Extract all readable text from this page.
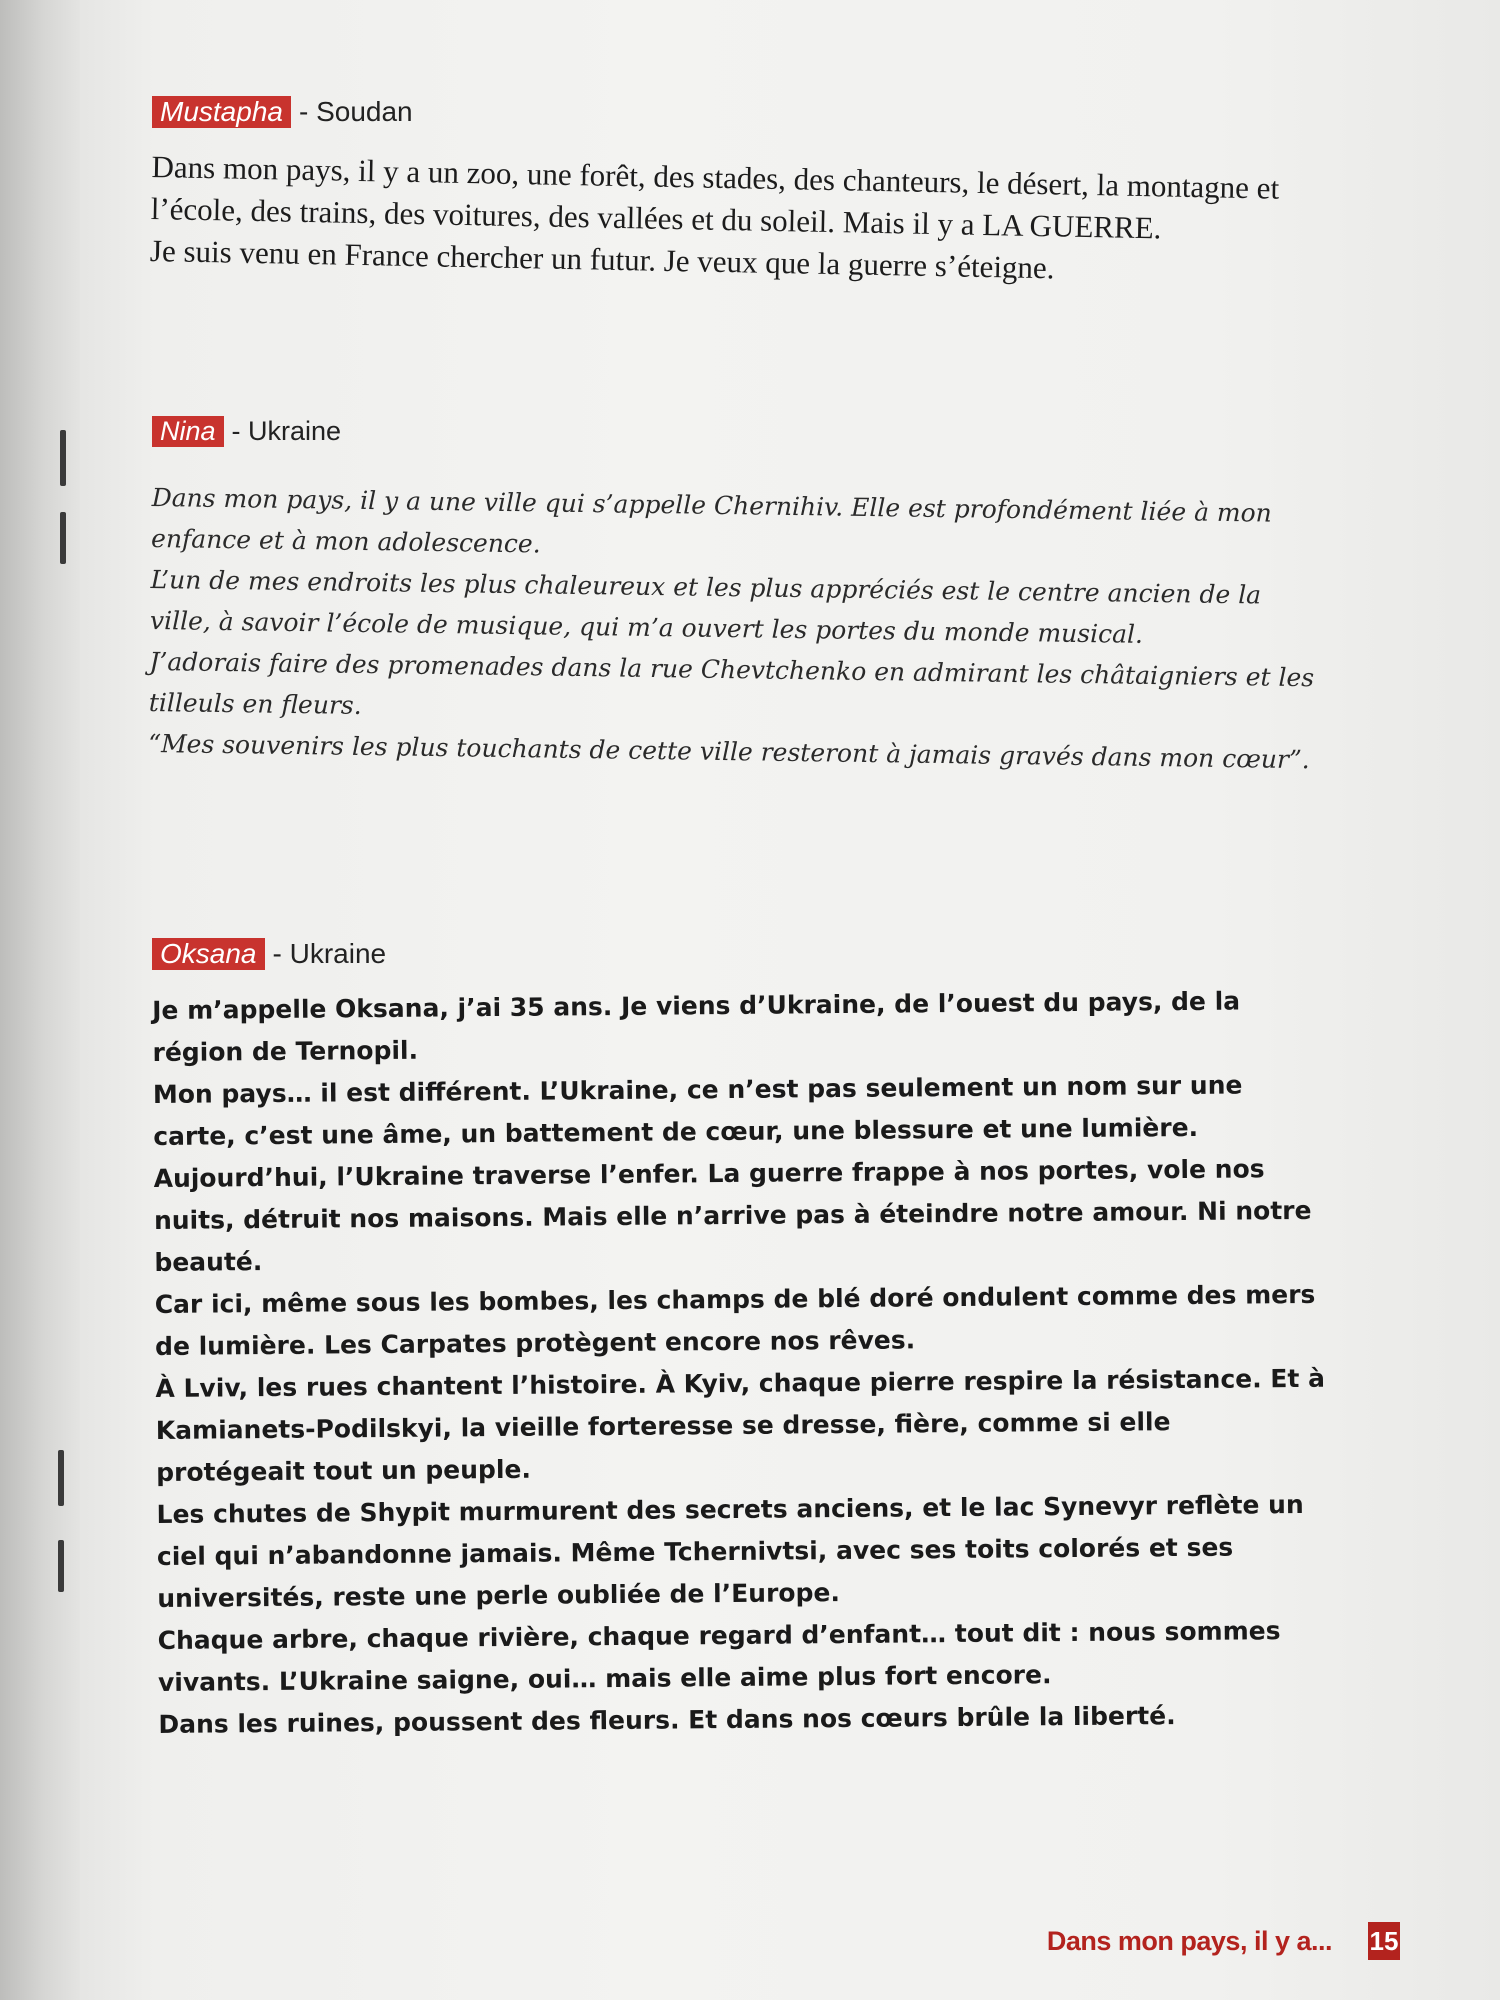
Mustapha - Soudan

Dans mon pays, il y a un zoo, une forêt, des stades, des chanteurs, le désert, la montagne et l’école, des trains, des voitures, des vallées et du soleil. Mais il y a LA GUERRE.

Je suis venu en France chercher un futur. Je veux que la guerre s’éteigne.

Nina - Ukraine

Dans mon pays, il y a une ville qui s’appelle Chernihiv. Elle est profondément liée à mon enfance et à mon adolescence.

L’un de mes endroits les plus chaleureux et les plus appréciés est le centre ancien de la ville, à savoir l’école de musique, qui m’a ouvert les portes du monde musical.

J’adorais faire des promenades dans la rue Chevtchenko en admirant les châtaigniers et les tilleuls en fleurs.

“Mes souvenirs les plus touchants de cette ville resteront à jamais gravés dans mon cœur”.

Oksana - Ukraine

Je m’appelle Oksana, j’ai 35 ans. Je viens d’Ukraine, de l’ouest du pays, de la région de Ternopil.

Mon pays… il est différent. L’Ukraine, ce n’est pas seulement un nom sur une carte, c’est une âme, un battement de cœur, une blessure et une lumière.

Aujourd’hui, l’Ukraine traverse l’enfer. La guerre frappe à nos portes, vole nos nuits, détruit nos maisons. Mais elle n’arrive pas à éteindre notre amour. Ni notre beauté.

Car ici, même sous les bombes, les champs de blé doré ondulent comme des mers de lumière. Les Carpates protègent encore nos rêves.

À Lviv, les rues chantent l’histoire. À Kyiv, chaque pierre respire la résistance. Et à Kamianets-Podilskyi, la vieille forteresse se dresse, fière, comme si elle protégeait tout un peuple.

Les chutes de Shypit murmurent des secrets anciens, et le lac Synevyr reflète un ciel qui n’abandonne jamais. Même Tchernivtsi, avec ses toits colorés et ses universités, reste une perle oubliée de l’Europe.

Chaque arbre, chaque rivière, chaque regard d’enfant… tout dit : nous sommes vivants. L’Ukraine saigne, oui… mais elle aime plus fort encore.

Dans les ruines, poussent des fleurs. Et dans nos cœurs brûle la liberté.

Dans mon pays, il y a... 15
